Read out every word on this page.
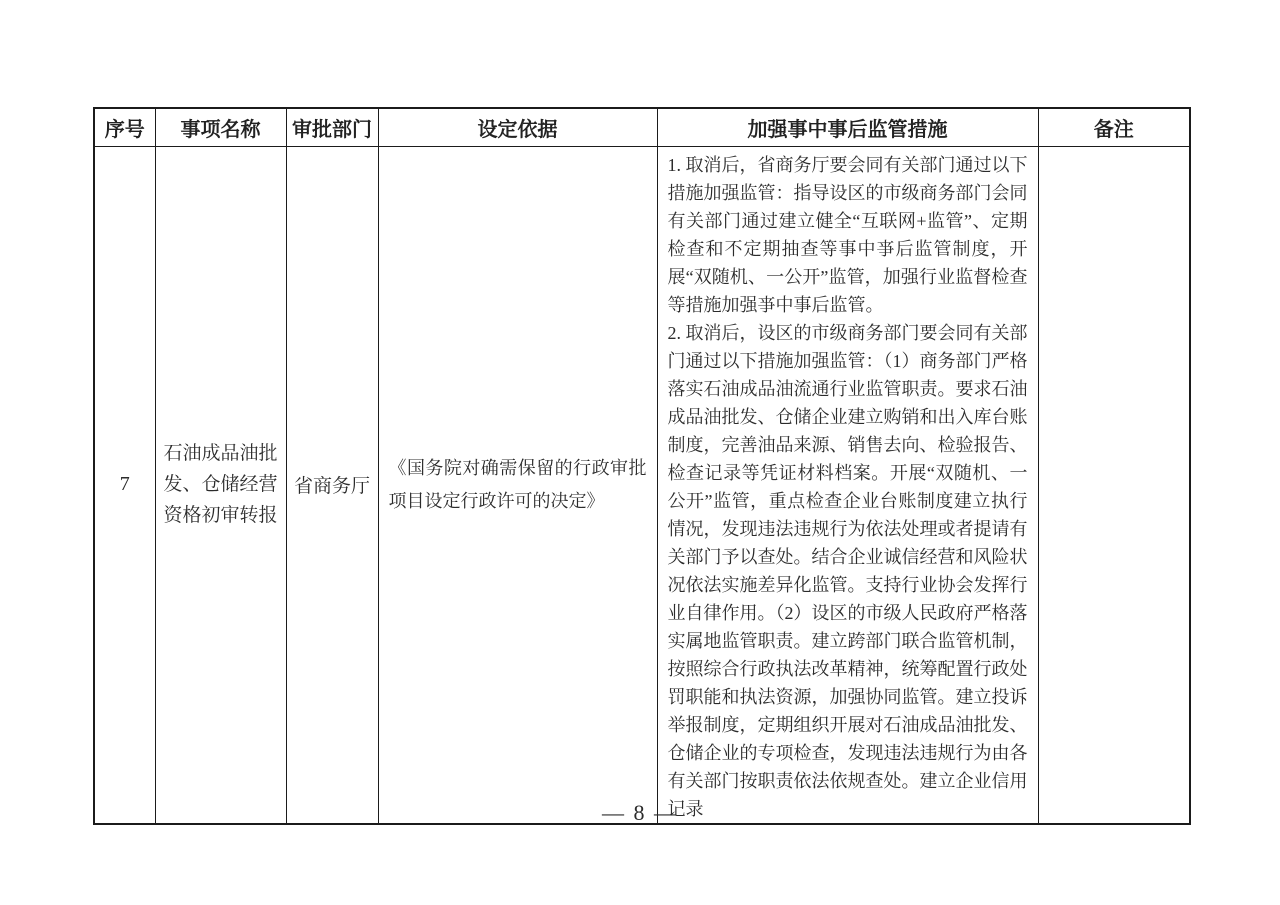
序号	事项名称	审批部门	设定依据	加强事中事后监管措施	备注
7	石油成品油批发、仓储经营资格初审转报	省商务厅	《国务院对确需保留的行政审批项目设定行政许可的决定》	1. 取消后，省商务厅要会同有关部门通过以下措施加强监管：指导设区的市级商务部门会同有关部门通过建立健全“互联网+监管”、定期检查和不定期抽查等事中亊后监管制度，开展“双随机、一公开”监管，加强行业监督检查等措施加强亊中事后监管。

2. 取消后，设区的市级商务部门要会同有关部门通过以下措施加强监管：（1）商务部门严格落实石油成品油流通行业监管职责。要求石油成品油批发、仓储企业建立购销和出入库台账制度，完善油品来源、销售去向、检验报告、检查记录等凭证材料档案。开展“双随机、一公开”监管，重点检查企业台账制度建立执行情况，发现违法违规行为依法处理或者提请有关部门予以查处。结合企业诚信经营和风险状况依法实施差异化监管。支持行业协会发挥行业自律作用。（2）设区的市级人民政府严格落实属地监管职责。建立跨部门联合监管机制，按照综合行政执法改革精神，统筹配置行政处罚职能和执法资源，加强协同监管。建立投诉举报制度，定期组织开展对石油成品油批发、仓储企业的专项检查，发现违法违规行为由各有关部门按职责依法依规查处。建立企业信用记录	

— 8 —
